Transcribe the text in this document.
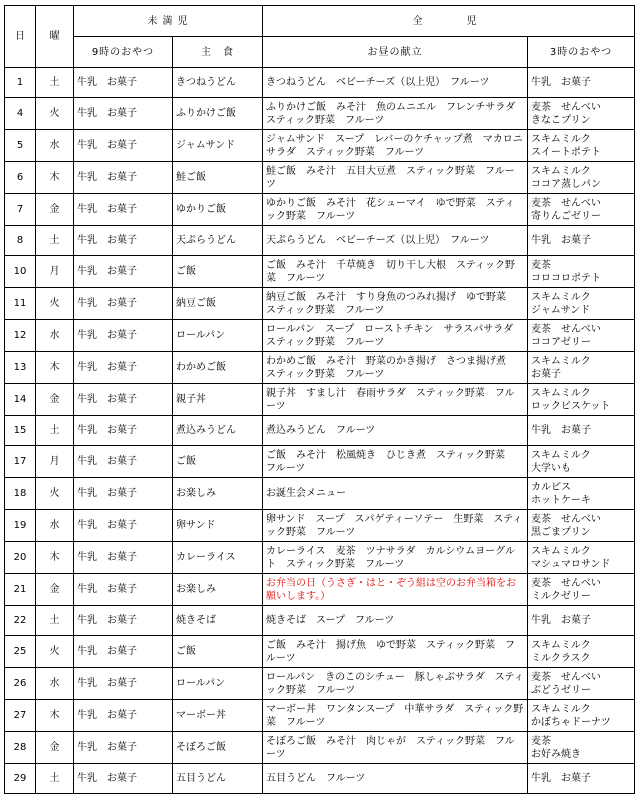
日	曜	未 満 児		全　　児	
		9時のおやつ	主　食	お昼の献立	3時のおやつ
1	土	牛乳　お菓子	きつねうどん	きつねうどん　ベビーチーズ（以上児）　フルーツ	牛乳　お菓子
4	火	牛乳　お菓子	ふりかけご飯	ふりかけご飯　みそ汁　魚のムニエル　フレンチサラダ　スティック野菜　フルーツ	麦茶　せんべい
きなこプリン
5	水	牛乳　お菓子	ジャムサンド	ジャムサンド　スープ　レバーのケチャップ煮　マカロニサラダ　スティック野菜　フルーツ	スキムミルク
スイートポテト
6	木	牛乳　お菓子	鮭ご飯	鮭ご飯　みそ汁　五目大豆煮　スティック野菜　フルーツ	スキムミルク
ココア蒸しパン
7	金	牛乳　お菓子	ゆかりご飯	ゆかりご飯　みそ汁　花シューマイ　ゆで野菜　スティック野菜　フルーツ	麦茶　せんべい
寄りんごゼリー
8	土	牛乳　お菓子	天ぷらうどん	天ぷらうどん　ベビーチーズ（以上児）　フルーツ	牛乳　お菓子
10	月	牛乳　お菓子	ご飯	ご飯　みそ汁　千草焼き　切り干し大根　スティック野菜　フルーツ	麦茶
コロコロポテト
11	火	牛乳　お菓子	納豆ご飯	納豆ご飯　みそ汁　すり身魚のつみれ揚げ　ゆで野菜　スティック野菜　フルーツ	スキムミルク
ジャムサンド
12	水	牛乳　お菓子	ロールパン	ロールパン　スープ　ローストチキン　サラスパサラダ　スティック野菜　フルーツ	麦茶　せんべい
ココアゼリー
13	木	牛乳　お菓子	わかめご飯	わかめご飯　みそ汁　野菜のかき揚げ　さつま揚げ煮　スティック野菜　フルーツ	スキムミルク
お菓子
14	金	牛乳　お菓子	親子丼	親子丼　すまし汁　春雨サラダ　スティック野菜　フルーツ	スキムミルク
ロックビスケット
15	土	牛乳　お菓子	煮込みうどん	煮込みうどん　フルーツ	牛乳　お菓子
17	月	牛乳　お菓子	ご飯	ご飯　みそ汁　松風焼き　ひじき煮　スティック野菜　フルーツ	スキムミルク
大学いも
18	火	牛乳　お菓子	お楽しみ	お誕生会メニュー	カルピス
ホットケーキ
19	水	牛乳　お菓子	卵サンド	卵サンド　スープ　スパゲティーソテー　生野菜　スティック野菜　フルーツ	麦茶　せんべい
黒ごまプリン
20	木	牛乳　お菓子	カレーライス	カレーライス　麦茶　ツナサラダ　カルシウムヨーグルト　スティック野菜　フルーツ	スキムミルク
マシュマロサンド
21	金	牛乳　お菓子	お楽しみ	お弁当の日（うさぎ・はと・ぞう組は空のお弁当箱をお願いします。）	麦茶　せんべい
ミルクゼリー
22	土	牛乳　お菓子	焼きそば	焼きそば　スープ　フルーツ	牛乳　お菓子
25	火	牛乳　お菓子	ご飯	ご飯　みそ汁　揚げ魚　ゆで野菜　スティック野菜　フルーツ	スキムミルク
ミルクラスク
26	水	牛乳　お菓子	ロールパン	ロールパン　きのこのシチュー　豚しゃぶサラダ　スティック野菜　フルーツ	麦茶　せんべい
ぶどうゼリー
27	木	牛乳　お菓子	マーボー丼	マーボー丼　ワンタンスープ　中華サラダ　スティック野菜　フルーツ	スキムミルク
かぼちゃドーナツ
28	金	牛乳　お菓子	そぼろご飯	そぼろご飯　みそ汁　肉じゃが　スティック野菜　フルーツ	麦茶
お好み焼き
29	土	牛乳　お菓子	五目うどん	五目うどん　フルーツ	牛乳　お菓子
